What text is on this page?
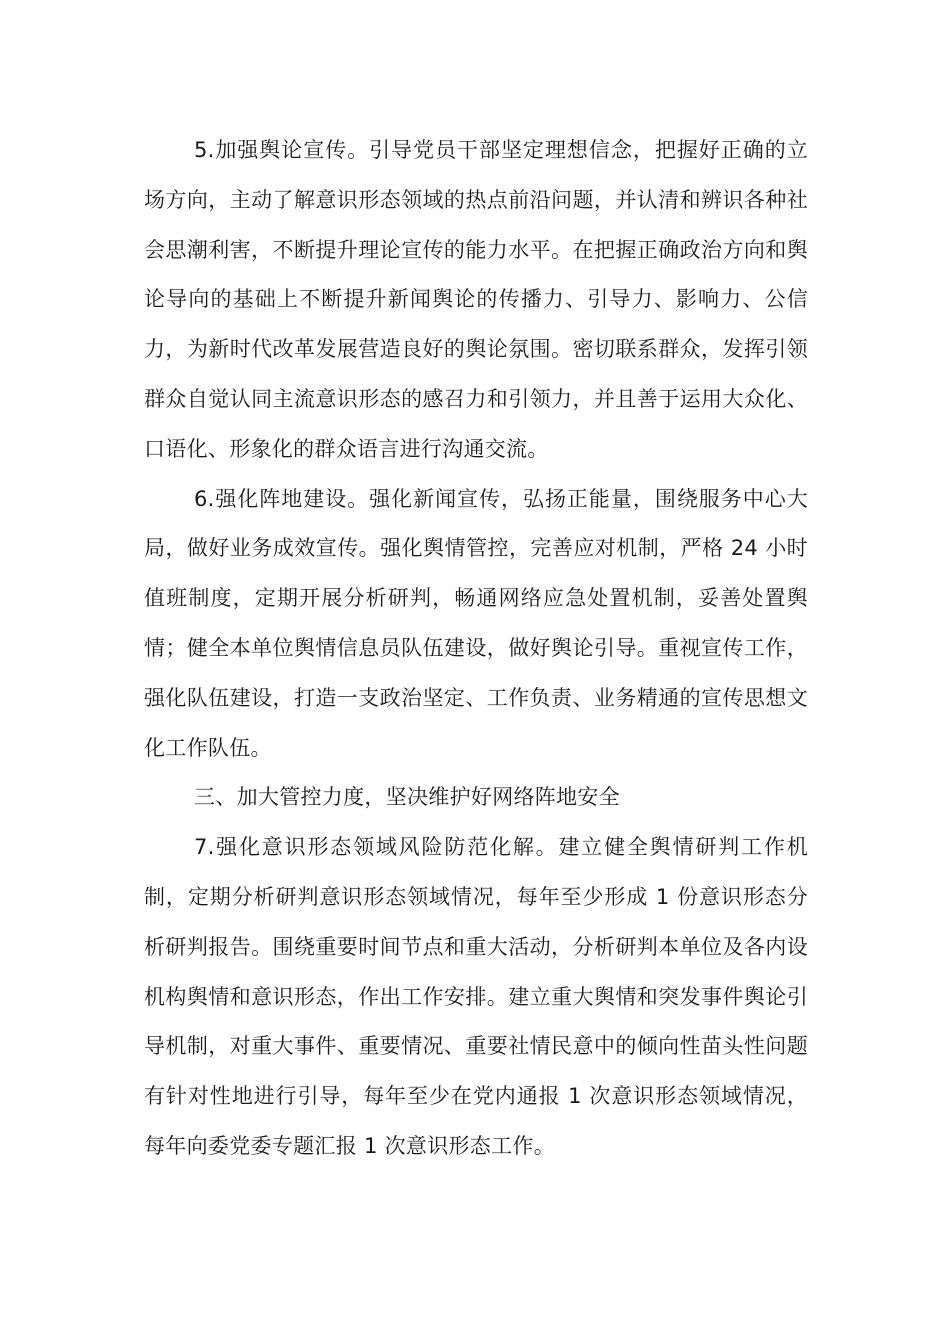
5.加强舆论宣传。引导党员干部坚定理想信念，把握好正确的立场方向，主动了解意识形态领域的热点前沿问题，并认清和辨识各种社会思潮利害，不断提升理论宣传的能力水平。在把握正确政治方向和舆论导向的基础上不断提升新闻舆论的传播力、引导力、影响力、公信力，为新时代改革发展营造良好的舆论氛围。密切联系群众，发挥引领群众自觉认同主流意识形态的感召力和引领力，并且善于运用大众化、口语化、形象化的群众语言进行沟通交流。

6.强化阵地建设。强化新闻宣传，弘扬正能量，围绕服务中心大局，做好业务成效宣传。强化舆情管控，完善应对机制，严格 24 小时值班制度，定期开展分析研判，畅通网络应急处置机制，妥善处置舆情；健全本单位舆情信息员队伍建设，做好舆论引导。重视宣传工作，强化队伍建设，打造一支政治坚定、工作负责、业务精通的宣传思想文化工作队伍。

三、加大管控力度，坚决维护好网络阵地安全

7.强化意识形态领域风险防范化解。建立健全舆情研判工作机制，定期分析研判意识形态领域情况，每年至少形成 1 份意识形态分析研判报告。围绕重要时间节点和重大活动，分析研判本单位及各内设机构舆情和意识形态，作出工作安排。建立重大舆情和突发事件舆论引导机制，对重大事件、重要情况、重要社情民意中的倾向性苗头性问题有针对性地进行引导，每年至少在党内通报 1 次意识形态领域情况，每年向委党委专题汇报 1 次意识形态工作。
